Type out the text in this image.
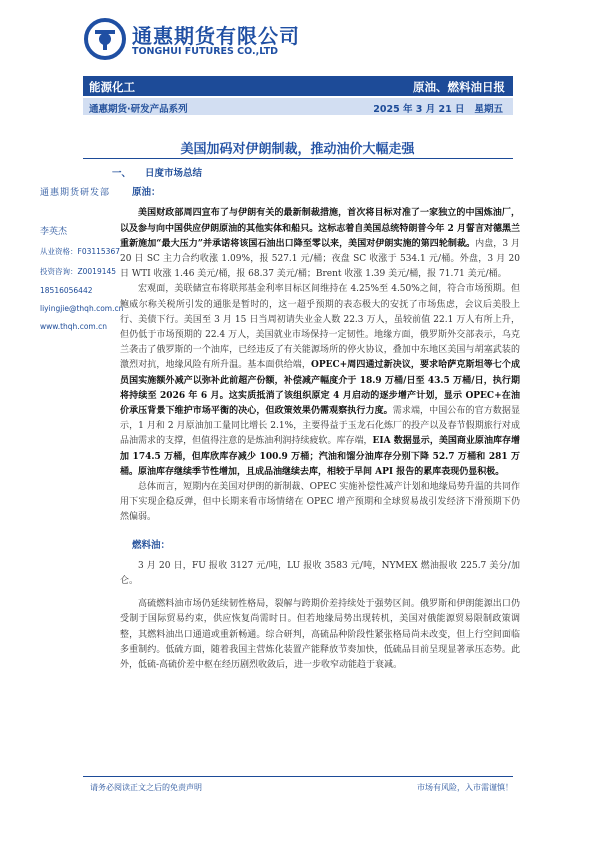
通惠期货有限公司
TONGHUI FUTURES CO.,LTD
能源化工	原油、燃料油日报
通惠期货·研发产品系列	2025 年 3 月 21 日 星期五
美国加码对伊朗制裁，推动油价大幅走强
通惠期货研发部
李英杰
从业资格：F03115367
投资咨询：Z0019145
18516056442
liyingjie@thqh.com.cn
www.thqh.com.cn
一、 日度市场总结
原油：

美国财政部周四宣布了与伊朗有关的最新制裁措施，首次将目标对准了一家独立的中国炼油厂，以及参与向中国供应伊朗原油的其他实体和船只。这标志着自美国总统特朗普今年 2 月誓言对德黑兰重新施加“最大压力”并承诺将该国石油出口降至零以来，美国对伊朗实施的第四轮制裁。内盘，3 月 20 日 SC 主力合约收涨 1.09%，报 527.1 元/桶；夜盘 SC 收涨于 534.1 元/桶。外盘，3 月 20 日 WTI 收涨 1.46 美元/桶，报 68.37 美元/桶；Brent 收涨 1.39 美元/桶，报 71.71 美元/桶。

宏观面，美联储宣布将联邦基金利率目标区间维持在 4.25%至 4.50%之间，符合市场预期。但鲍威尔称关税所引发的通胀是暂时的，这一超乎预期的表态极大的安抚了市场焦虑，会议后美股上行、美债下行。美国至 3 月 15 日当周初请失业金人数 22.3 万人，虽较前值 22.1 万人有所上升，但仍低于市场预期的 22.4 万人，美国就业市场保持一定韧性。地缘方面，俄罗斯外交部表示，乌克兰袭击了俄罗斯的一个油库，已经违反了有关能源场所的停火协议，叠加中东地区美国与胡塞武装的激烈对抗，地缘风险有所升温。基本面供给端，OPEC+周四通过新决议，要求哈萨克斯坦等七个成员国实施额外减产以弥补此前超产份额，补偿减产幅度介于 18.9 万桶/日至 43.5 万桶/日，执行期将持续至 2026 年 6 月。这实质抵消了该组织原定 4 月启动的逐步增产计划，显示 OPEC+在油价承压背景下维护市场平衡的决心，但政策效果仍需观察执行力度。需求端，中国公布的官方数据显示，1 月和 2 月原油加工量同比增长 2.1%，主要得益于玉龙石化炼厂的投产以及春节假期旅行对成品油需求的支撑，但值得注意的是炼油利润持续疲软。库存端，EIA 数据显示，美国商业原油库存增加 174.5 万桶，但库欣库存减少 100.9 万桶；汽油和馏分油库存分别下降 52.7 万桶和 281 万桶。原油库存继续季节性增加，且成品油继续去库，相较于早间 API 报告的累库表现仍显积极。

总体而言，短期内在美国对伊朗的新制裁、OPEC 实施补偿性减产计划和地缘局势升温的共同作用下实现企稳反弹，但中长期来看市场情绪在 OPEC 增产预期和全球贸易战引发经济下滑预期下仍然偏弱。

燃料油：

3 月 20 日，FU 报收 3127 元/吨，LU 报收 3583 元/吨，NYMEX 燃油报收 225.7 美分/加仑。

高硫燃料油市场仍延续韧性格局，裂解与跨期价差持续处于强势区间。俄罗斯和伊朗能源出口仍受制于国际贸易约束，供应恢复尚需时日。但若地缘局势出现转机，美国对俄能源贸易限制政策调整，其燃料油出口通道或重新畅通。综合研判，高硫品种阶段性紧张格局尚未改变，但上行空间面临多重制约。低硫方面，随着我国主营炼化装置产能释放节奏加快，低硫品目前呈现显著承压态势。此外，低硫-高硫价差中枢在经历剧烈收敛后，进一步收窄动能趋于衰减。

请务必阅读正文之后的免责声明	市场有风险，入市需谨慎！
